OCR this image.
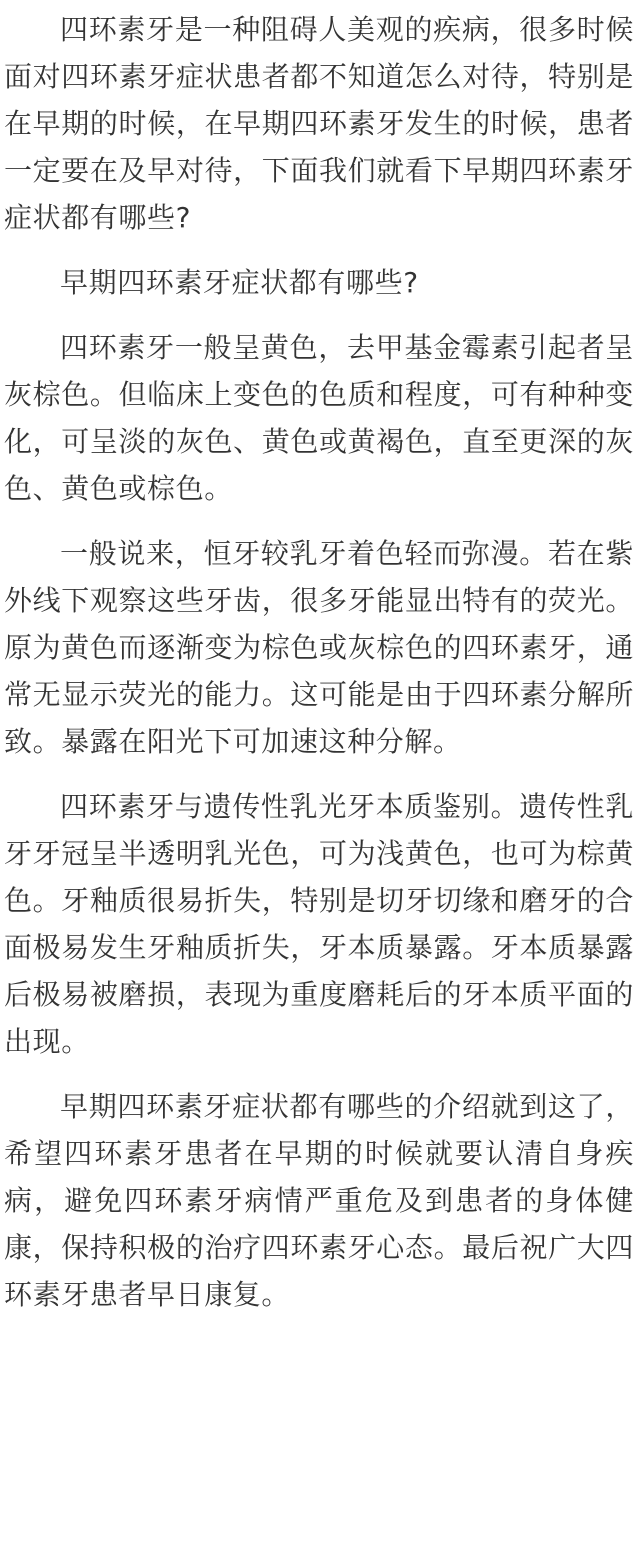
四环素牙是一种阻碍人美观的疾病，很多时候面对四环素牙症状患者都不知道怎么对待，特别是在早期的时候，在早期四环素牙发生的时候，患者一定要在及早对待，下面我们就看下早期四环素牙症状都有哪些?

早期四环素牙症状都有哪些?

四环素牙一般呈黄色，去甲基金霉素引起者呈灰棕色。但临床上变色的色质和程度，可有种种变化，可呈淡的灰色、黄色或黄褐色，直至更深的灰色、黄色或棕色。

一般说来，恒牙较乳牙着色轻而弥漫。若在紫外线下观察这些牙齿，很多牙能显出特有的荧光。原为黄色而逐渐变为棕色或灰棕色的四环素牙，通常无显示荧光的能力。这可能是由于四环素分解所致。暴露在阳光下可加速这种分解。

四环素牙与遗传性乳光牙本质鉴别。遗传性乳牙牙冠呈半透明乳光色，可为浅黄色，也可为棕黄色。牙釉质很易折失，特别是切牙切缘和磨牙的合面极易发生牙釉质折失，牙本质暴露。牙本质暴露后极易被磨损，表现为重度磨耗后的牙本质平面的出现。

早期四环素牙症状都有哪些的介绍就到这了，希望四环素牙患者在早期的时候就要认清自身疾病，避免四环素牙病情严重危及到患者的身体健康，保持积极的治疗四环素牙心态。最后祝广大四环素牙患者早日康复。
